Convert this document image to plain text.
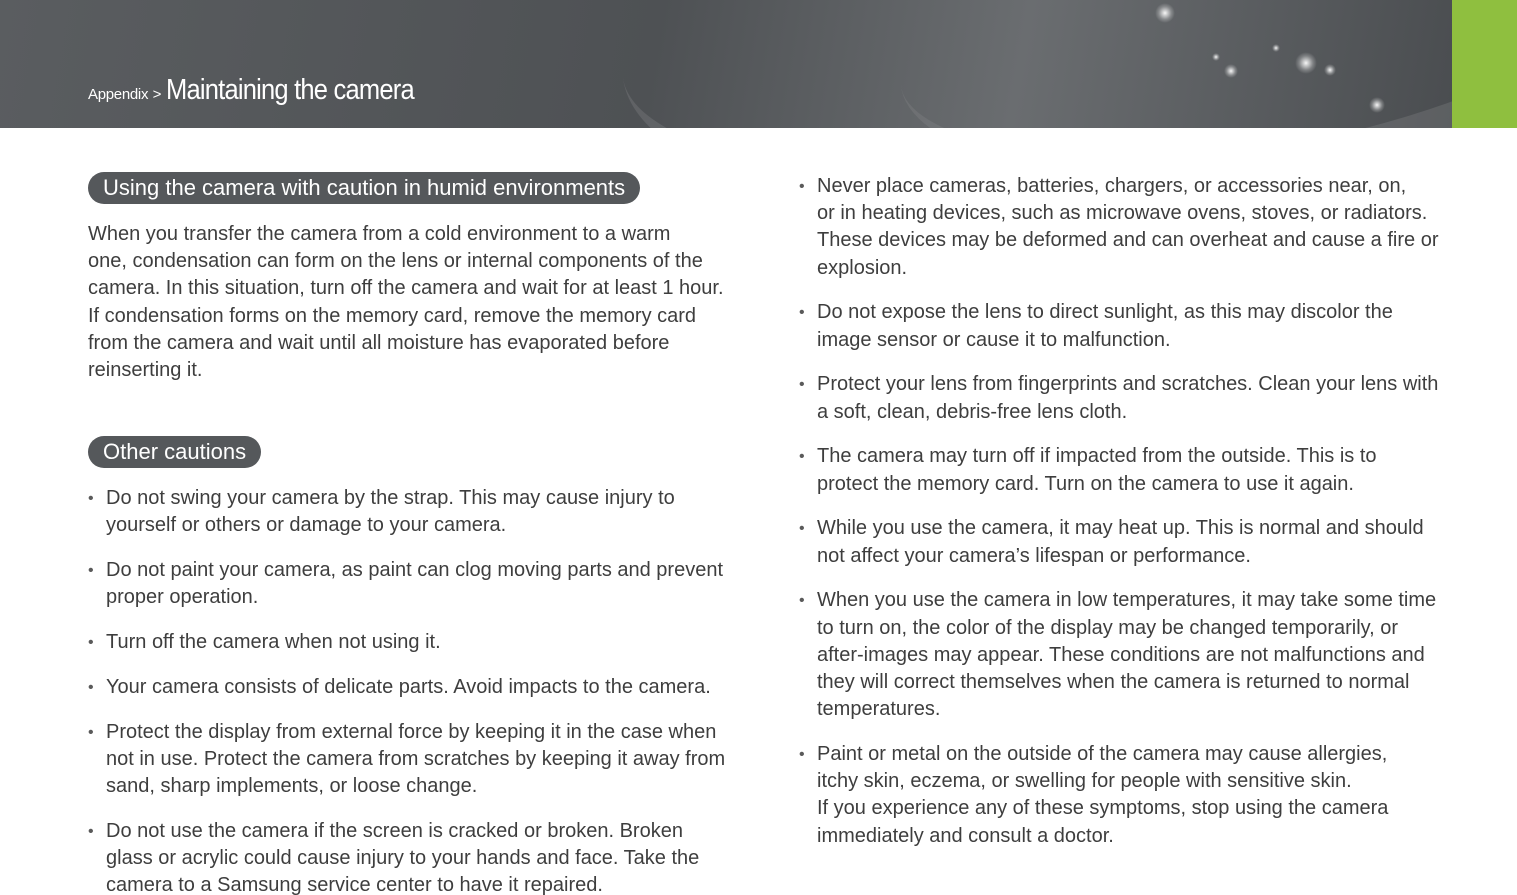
Appendix > Maintaining the camera
Using the camera with caution in humid environments

When you transfer the camera from a cold environment to a warm
one, condensation can form on the lens or internal components of the
camera. In this situation, turn off the camera and wait for at least 1 hour.
If condensation forms on the memory card, remove the memory card
from the camera and wait until all moisture has evaporated before
reinserting it.

Other cautions
• Do not swing your camera by the strap. This may cause injury to
yourself or others or damage to your camera.
• Do not paint your camera, as paint can clog moving parts and prevent
proper operation.
• Turn off the camera when not using it.
• Your camera consists of delicate parts. Avoid impacts to the camera.
• Protect the display from external force by keeping it in the case when
not in use. Protect the camera from scratches by keeping it away from
sand, sharp implements, or loose change.
• Do not use the camera if the screen is cracked or broken. Broken
glass or acrylic could cause injury to your hands and face. Take the
camera to a Samsung service center to have it repaired.
• Never place cameras, batteries, chargers, or accessories near, on,
or in heating devices, such as microwave ovens, stoves, or radiators.
These devices may be deformed and can overheat and cause a fire or
explosion.
• Do not expose the lens to direct sunlight, as this may discolor the
image sensor or cause it to malfunction.
• Protect your lens from fingerprints and scratches. Clean your lens with
a soft, clean, debris-free lens cloth.
• The camera may turn off if impacted from the outside. This is to
protect the memory card. Turn on the camera to use it again.
• While you use the camera, it may heat up. This is normal and should
not affect your camera’s lifespan or performance.
• When you use the camera in low temperatures, it may take some time
to turn on, the color of the display may be changed temporarily, or
after-images may appear. These conditions are not malfunctions and
they will correct themselves when the camera is returned to normal
temperatures.
• Paint or metal on the outside of the camera may cause allergies,
itchy skin, eczema, or swelling for people with sensitive skin.
If you experience any of these symptoms, stop using the camera
immediately and consult a doctor.
